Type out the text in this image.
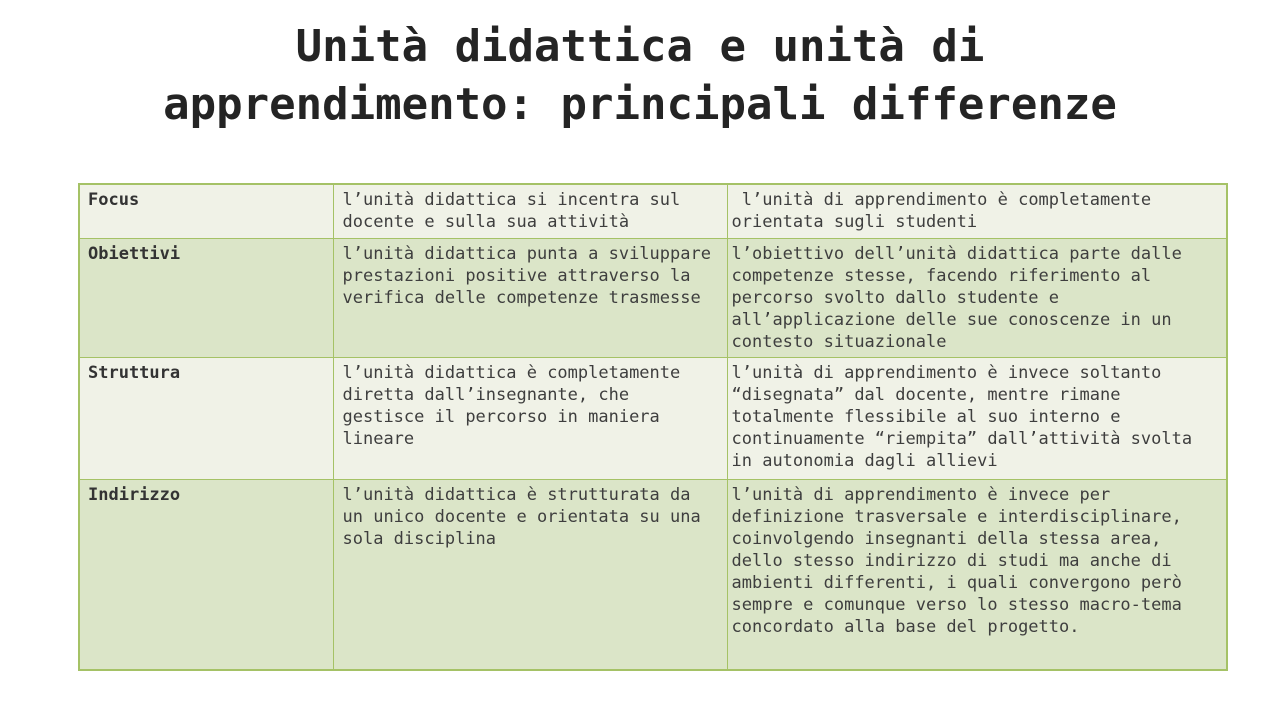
Unità didattica e unità di apprendimento: principali differenze
Focus	l’unità didattica si incentra sul docente e sulla sua attività	l’unità di apprendimento è completamente orientata sugli studenti
Obiettivi	l’unità didattica punta a sviluppare prestazioni positive attraverso la verifica delle competenze trasmesse	l’obiettivo dell’unità didattica parte dalle competenze stesse, facendo riferimento al percorso svolto dallo studente e all’applicazione delle sue conoscenze in un contesto situazionale
Struttura	l’unità didattica è completamente diretta dall’insegnante, che gestisce il percorso in maniera lineare	l’unità di apprendimento è invece soltanto “disegnata” dal docente, mentre rimane totalmente flessibile al suo interno e continuamente “riempita” dall’attività svolta in autonomia dagli allievi
Indirizzo	l’unità didattica è strutturata da un unico docente e orientata su una sola disciplina	l’unità di apprendimento è invece per definizione trasversale e interdisciplinare, coinvolgendo insegnanti della stessa area, dello stesso indirizzo di studi ma anche di ambienti differenti, i quali convergono però sempre e comunque verso lo stesso macro-tema concordato alla base del progetto.
